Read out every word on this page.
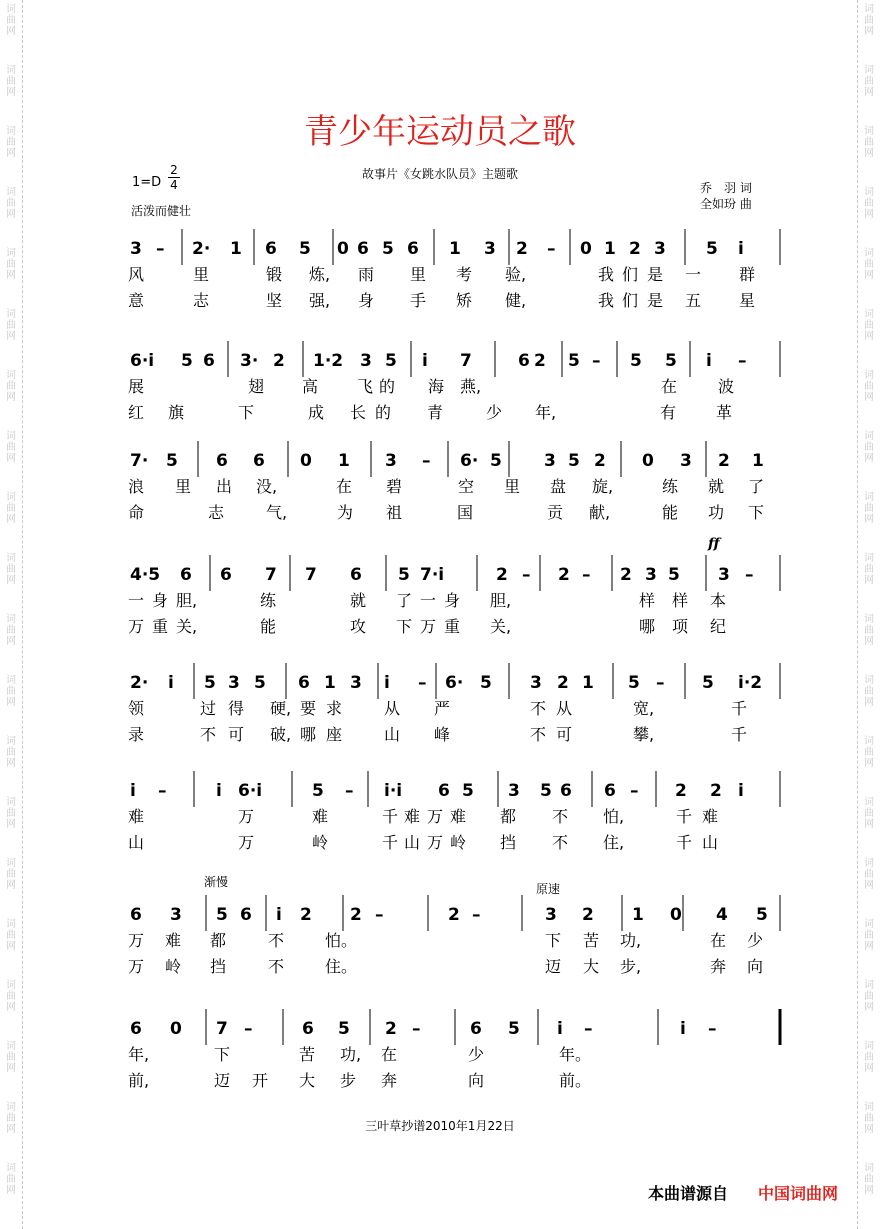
词
曲
网
词
曲
网
词
曲
网
词
曲
网
词
曲
网
词
曲
网
词
曲
网
词
曲
网
词
曲
网
词
曲
网
词
曲
网
词
曲
网
词
曲
网
词
曲
网
词
曲
网
词
曲
网
词
曲
网
词
曲
网
词
曲
网
词
曲
网
词
曲
网
词
曲
网
词
曲
网
词
曲
网
词
曲
网
词
曲
网
词
曲
网
词
曲
网
词
曲
网
词
曲
网
词
曲
网
词
曲
网
词
曲
网
词
曲
网
词
曲
网
词
曲
网
词
曲
网
词
曲
网
词
曲
网
词
曲
网
青少年运动员之歌
故事片《女跳水队员》主题歌
1=D
2
4
活泼而健壮
乔　羽 词
全如玢 曲
3 – 2· 1 6 5 0 6 5 6 1 3 2 – 0 1 2 3 5 i
风	里	锻 炼, 雨 里 考 验,	我 们 是 一 群
意	志	坚 强, 身 手 矫 健,	我 们 是 五 星
6·i 5 6 3· 2 1·2 3 5 i 7	6 2 5 – 5 5 i –
展	翅 高 飞 的 海 燕,	在	波
红 旗	下	成 长 的 青	少 年,	有 革
7· 5 6 6 0 1 3 – 6· 5 3 5 2 0 3 2 1
浪 里 出 没,	在 碧	空 里 盘 旋,	练 就 了
命	志	气,	为 祖	国	贡 献,	能 功 下
4·5 6 6 7 7 6 5 7·i	2 – 2 – 2 3 5 3 –
一 身 胆,	练	就 了 一 身 胆,	样 样 本
万 重 关,	能	攻 下 万 重 关,	哪 项 纪
2· i 5 3 5 6 1 3 i – 6· 5 3 2 1 5 – 5 i·2
领	过 得 硬, 要 求	从 严	不 从	宽,	千
录	不 可 破, 哪 座	山 峰	不 可	攀,	千
i –	i 6·i	5 – i·i 6 5 3 5 6 6 – 2 2 i
难	万	难	千 难 万 难 都 不 怕,	千 难
山	万	岭	千 山 万 岭 挡 不 住,	千 山
6 3 5 6 i 2 2 –	2 –	3 2 1 0 4 5
万 难 都	不	怕。	下 苦 功,	在 少
万 岭 挡	不	住。	迈 大 步,	奔 向
6 0 7 –	6 5 2 –	6 5 i –	i –
年,	下	苦 功, 在	少	年。
前,	迈 开 大 步 奔	向	前。
ff
渐慢	原速
三叶草抄谱2010年1月22日
本曲谱源自 中国词曲网
